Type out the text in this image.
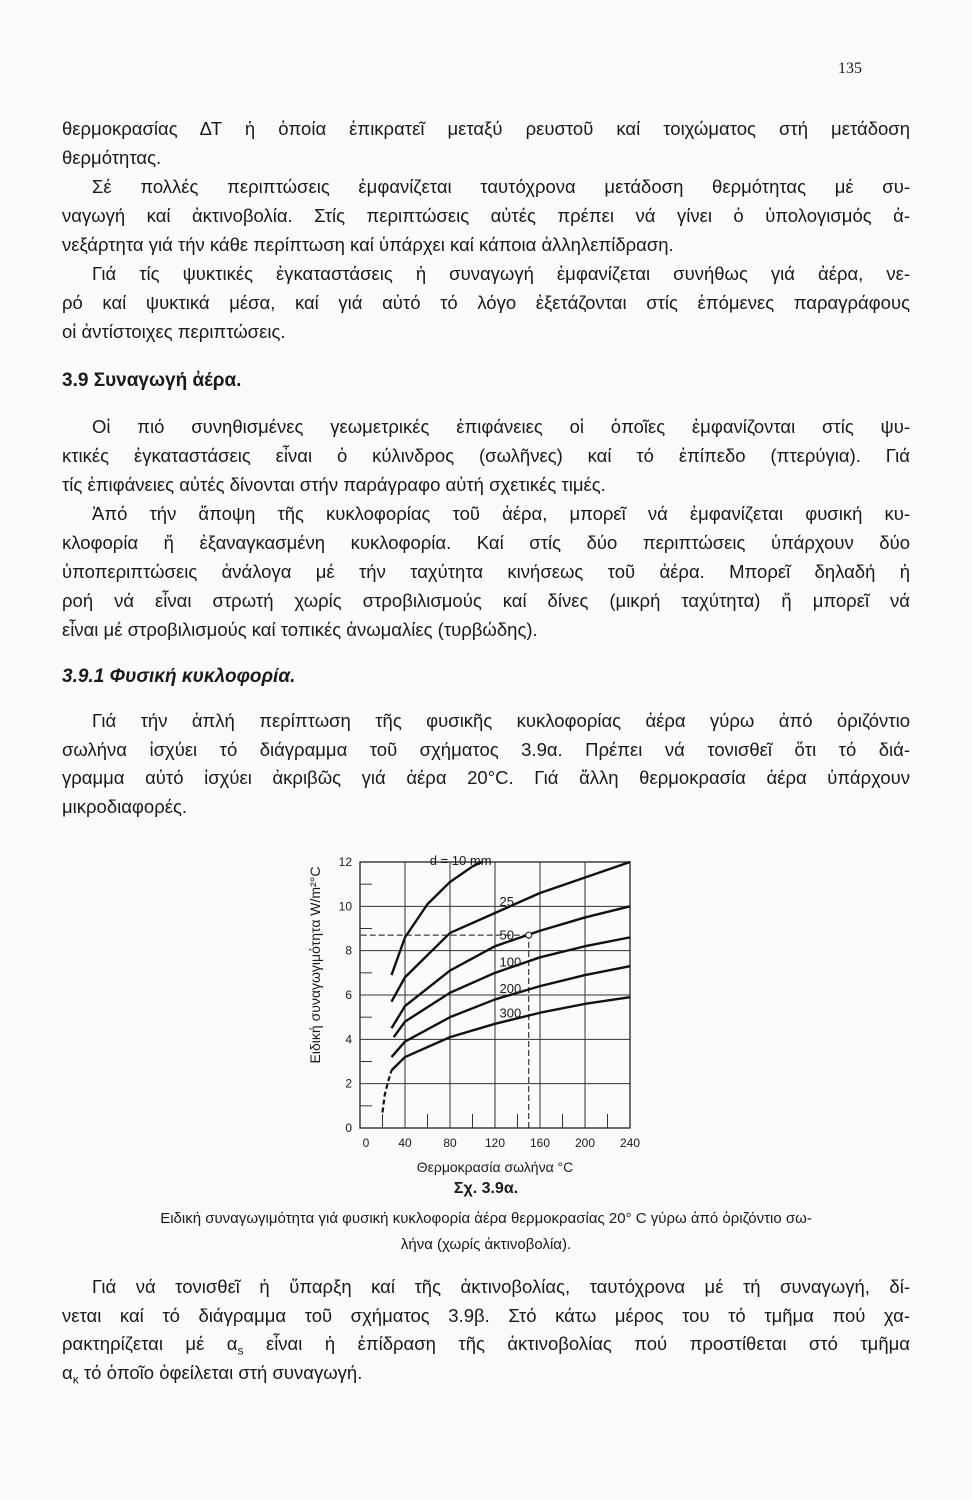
135
θερμοκρασίας ΔΤ ἡ ὁποία ἐπικρατεῖ μεταξύ ρευστοῦ καί τοιχώματος στή μετάδοση
θερμότητας.
Σέ πολλές περιπτώσεις ἐμφανίζεται ταυτόχρονα μετάδοση θερμότητας μέ συ-
ναγωγή καί ἀκτινοβολία. Στίς περιπτώσεις αὐτές πρέπει νά γίνει ὁ ὑπολογισμός ἀ-
νεξάρτητα γιά τήν κάθε περίπτωση καί ὑπάρχει καί κάποια ἀλληλεπίδραση.
Γιά τίς ψυκτικές ἐγκαταστάσεις ἡ συναγωγή ἐμφανίζεται συνήθως γιά ἀέρα, νε-
ρό καί ψυκτικά μέσα, καί γιά αὐτό τό λόγο ἐξετάζονται στίς ἑπόμενες παραγράφους
οἱ ἀντίστοιχες περιπτώσεις.
Οἱ πιό συνηθισμένες γεωμετρικές ἐπιφάνειες οἱ ὁποῖες ἐμφανίζονται στίς ψυ-
κτικές ἐγκαταστάσεις εἶναι ὁ κύλινδρος (σωλῆνες) καί τό ἐπίπεδο (πτερύγια). Γιά
τίς ἐπιφάνειες αὐτές δίνονται στήν παράγραφο αὐτή σχετικές τιμές.
Ἀπό τήν ἄποψη τῆς κυκλοφορίας τοῦ ἀέρα, μπορεῖ νά ἐμφανίζεται φυσική κυ-
κλοφορία ἤ ἐξαναγκασμένη κυκλοφορία. Καί στίς δύο περιπτώσεις ὑπάρχουν δύο
ὑποπεριπτώσεις ἀνάλογα μέ τήν ταχύτητα κινήσεως τοῦ ἀέρα. Μπορεῖ δηλαδή ἡ
ροή νά εἶναι στρωτή χωρίς στροβιλισμούς καί δίνες (μικρή ταχύτητα) ἤ μπορεῖ νά
εἶναι μέ στροβιλισμούς καί τοπικές ἀνωμαλίες (τυρβώδης).
Γιά τήν ἁπλή περίπτωση τῆς φυσικῆς κυκλοφορίας ἀέρα γύρω ἀπό ὁριζόντιο
σωλήνα ἰσχύει τό διάγραμμα τοῦ σχήματος 3.9α. Πρέπει νά τονισθεῖ ὅτι τό διά-
γραμμα αὐτό ἰσχύει ἀκριβῶς γιά ἀέρα 20°C. Γιά ἄλλη θερμοκρασία ἀέρα ὑπάρχουν
μικροδιαφορές.
Γιά νά τονισθεῖ ἡ ὕπαρξη καί τῆς ἀκτινοβολίας, ταυτόχρονα μέ τή συναγωγή, δί-
νεται καί τό διάγραμμα τοῦ σχήματος 3.9β. Στό κάτω μέρος του τό τμῆμα πού χα-
ρακτηρίζεται μέ $\alpha_s$ εἶναι ἡ ἐπίδραση τῆς ἀκτινοβολίας πού προστίθεται στό τμῆμα
$\alpha_\kappa$ τό ὁποῖο ὀφείλεται στή συναγωγή.
3.9 Συναγωγή ἀέρα.
3.9.1 Φυσική κυκλοφορία.
0 40	80 120 160 200 240
0
2
4
6
8
10
12	d = 10 mm
25
50
100
200
300
Θερμοκρασία σωλήνα °C
Ειδική συναγωγιμότητα W/m²°C
Σχ. 3.9α.
Ειδική συναγωγιμότητα γιά φυσική κυκλοφορία ἀέρα θερμοκρασίας 20° C γύρω ἀπό ὁριζόντιο σω-
λήνα (χωρίς ἀκτινοβολία).
